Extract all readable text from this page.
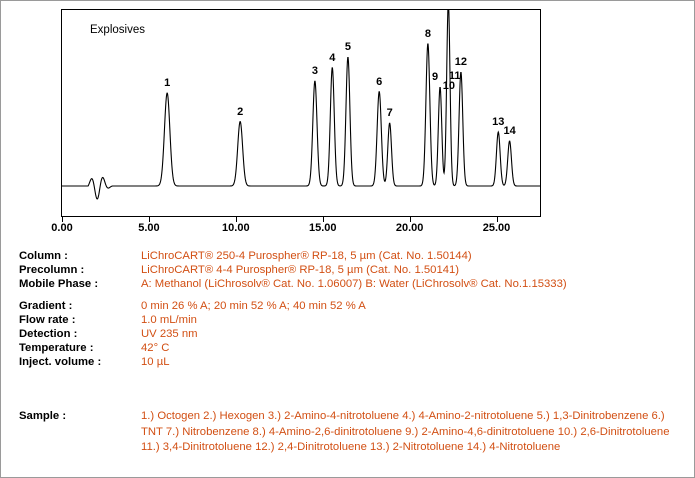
Explosives
1
2
3
4
5
6
7
8
9
10
11
12
13
14
0.00	5.00	10.00	15.00	20.00	25.00
Column :	LiChroCART® 250-4 Purospher® RP-18, 5 µm (Cat. No. 1.50144)
Precolumn :	LiChroCART® 4-4 Purospher® RP-18, 5 µm (Cat. No. 1.50141)
Mobile Phase :	A: Methanol (LiChrosolv® Cat. No. 1.06007) B: Water (LiChrosolv® Cat. No.1.15333)
Gradient :	0 min 26 % A; 20 min 52 % A; 40 min 52 % A
Flow rate :	1.0 mL/min
Detection :	UV 235 nm
Temperature :	42° C
Inject. volume :	10 µL
Sample :	1.) Octogen 2.) Hexogen 3.) 2-Amino-4-nitrotoluene 4.) 4-Amino-2-nitrotoluene 5.) 1,3-Dinitrobenzene 6.) TNT 7.) Nitrobenzene 8.) 4-Amino-2,6-dinitrotoluene 9.) 2-Amino-4,6-dinitrotoluene 10.) 2,6-Dinitrotoluene 11.) 3,4-Dinitrotoluene 12.) 2,4-Dinitrotoluene 13.) 2-Nitrotoluene 14.) 4-Nitrotoluene
